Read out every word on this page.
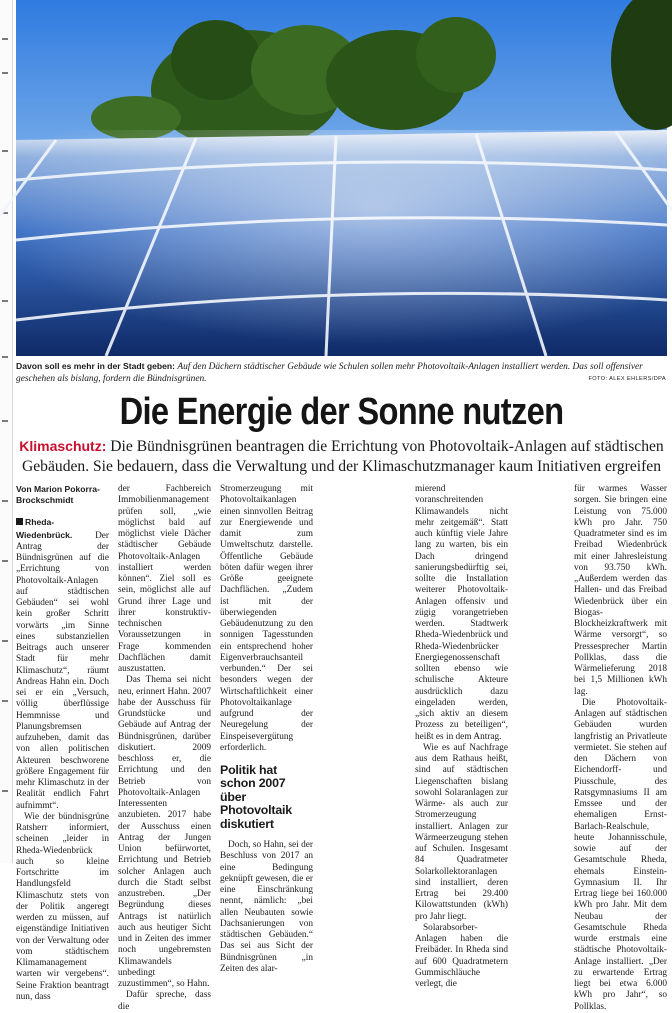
Davon soll es mehr in der Stadt geben: Auf den Dächern städtischer Gebäude wie Schulen sollen mehr Photovoltaik-Anlagen installiert werden. Das soll offensiver geschehen als bislang, fordern die Bündnisgrünen.	FOTO: ALEX EHLERS/DPA
Die Energie der Sonne nutzen
Klimaschutz: Die Bündnisgrünen beantragen die Errichtung von Photovoltaik-Anlagen auf städtischen Gebäuden. Sie bedauern, dass die Verwaltung und der Klimaschutzmanager kaum Initiativen ergreifen
Von Marion Pokorra-Brockschmidt

Rheda-Wiedenbrück. Der Antrag der Bündnisgrünen auf die „Errichtung von Photovoltaik-Anlagen auf städtischen Gebäuden“ sei wohl kein großer Schritt vorwärts „im Sinne eines substanziellen Beitrags auch unserer Stadt für mehr Klimaschutz“, räumt Andreas Hahn ein. Doch sei er ein „Versuch, völlig überflüssige Hemmnisse und Planungsbremsen aufzuheben, damit das von allen politischen Akteuren beschworene größere Engagement für mehr Klimaschutz in der Realität endlich Fahrt aufnimmt“.

Wie der bündnisgrüne Ratsherr informiert, scheinen „leider in Rheda-Wiedenbrück auch so kleine Fortschritte im Handlungsfeld Klimaschutz stets von der Politik angeregt werden zu müssen, auf eigenständige Initiativen von der Verwaltung oder vom städtischem Klimamanagement warten wir vergebens“. Seine Fraktion beantragt nun, dass

der Fachbereich Immobilienmanagement prüfen soll, „wie möglichst bald auf möglichst viele Dächer städtischer Gebäude Photovoltaik-Anlagen installiert werden können“. Ziel soll es sein, möglichst alle auf Grund ihrer Lage und ihrer konstruktiv-technischen Voraussetzungen in Frage kommenden Dachflächen damit auszustatten.

Das Thema sei nicht neu, erinnert Hahn. 2007 habe der Ausschuss für Grundstücke und Gebäude auf Antrag der Bündnisgrünen, darüber diskutiert. 2009 beschloss er, die Errichtung und den Betrieb von Photovoltaik-Anlagen Interessenten anzubieten. 2017 habe der Ausschuss einen Antrag der Jungen Union befürwortet, Errichtung und Betrieb solcher Anlagen auch durch die Stadt selbst anzustreben. „Der Begründung dieses Antrags ist natürlich auch aus heutiger Sicht und in Zeiten des immer noch ungebremsten Klimawandels unbedingt zuzustimmen“, so Hahn.

Dafür spreche, dass die

Stromerzeugung mit Photovoltaikanlagen einen sinnvollen Beitrag zur Energiewende und damit zum Umweltschutz darstelle. Öffentliche Gebäude böten dafür wegen ihrer Größe geeignete Dachflächen. „Zudem ist mit der überwiegenden Gebäudenutzung zu den sonnigen Tagesstunden ein entsprechend hoher Eigenverbrauchsanteil verbunden.“ Der sei besonders wegen der Wirtschaftlichkeit einer Photovoltaikanlage aufgrund der Neuregelung der Einspeisevergütung erforderlich.

Politik hat schon 2007 über Photovoltaik diskutiert

Doch, so Hahn, sei der Beschluss von 2017 an eine Bedingung geknüpft gewesen, die er eine Einschränkung nennt, nämlich: „bei allen Neubauten sowie Dachsanierungen von städtischen Gebäuden.“ Das sei aus Sicht der Bündnisgrünen „in Zeiten des alar-

mierend voranschreitenden Klimawandels nicht mehr zeitgemäß“. Statt auch künftig viele Jahre lang zu warten, bis ein Dach dringend sanierungsbedürftig sei, sollte die Installation weiterer Photovoltaik-Anlagen offensiv und zügig vorangetrieben werden. Stadtwerk Rheda-Wiedenbrück und Rheda-Wiedenbrücker Energiegenossenschaft sollten ebenso wie schulische Akteure ausdrücklich dazu eingeladen werden, „sich aktiv an diesem Prozess zu beteiligen“, heißt es in dem Antrag.

Wie es auf Nachfrage aus dem Rathaus heißt, sind auf städtischen Liegenschaften bislang sowohl Solaranlagen zur Wärme- als auch zur Stromerzeugung installiert. Anlagen zur Wärmeerzeugung stehen auf Schulen. Insgesamt 84 Quadratmeter Solarkollektoranlagen sind installiert, deren Ertrag bei 29.400 Kilowattstunden (kWh) pro Jahr liegt.

Solarabsorber-Anlagen haben die Freibäder. In Rheda sind auf 600 Quadratmetern Gummischläuche verlegt, die

für warmes Wasser sorgen. Sie bringen eine Leistung von 75.000 kWh pro Jahr. 750 Quadratmeter sind es im Freibad Wiedenbrück mit einer Jahresleistung von 93.750 kWh. „Außerdem werden das Hallen- und das Freibad Wiedenbrück über ein Biogas-Blockheizkraftwerk mit Wärme versorgt“, so Pressesprecher Martin Pollklas, dass die Wärmelieferung 2018 bei 1,5 Millionen kWh lag.

Die Photovoltaik-Anlagen auf städtischen Gebäuden wurden langfristig an Privatleute vermietet. Sie stehen auf den Dächern von Eichendorff- und Piusschule, des Ratsgymnasiums II am Emssee und der ehemaligen Ernst-Barlach-Realschule, heute Johannisschule, sowie auf der Gesamtschule Rheda, ehemals Einstein-Gymnasium II. Ihr Ertrag liege bei 160.000 kWh pro Jahr. Mit dem Neubau der Gesamtschule Rheda wurde erstmals eine städtische Photovoltaik-Anlage installiert. „Der zu erwartende Ertrag liegt bei etwa 6.000 kWh pro Jahr“, so Pollklas.
